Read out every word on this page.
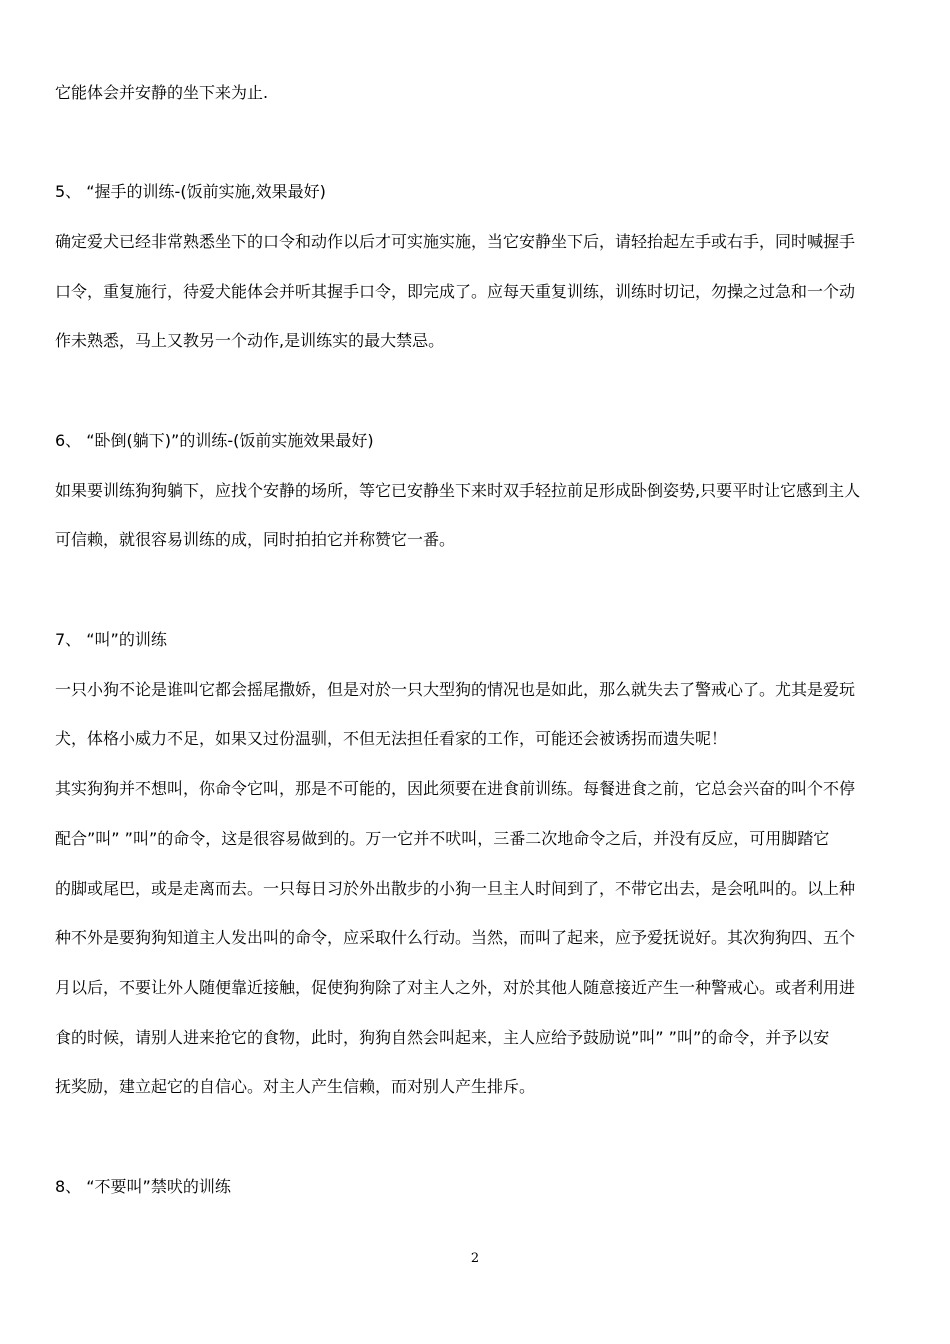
它能体会并安静的坐下来为止.
5、 “握手的训练-(饭前实施,效果最好)
确定爱犬已经非常熟悉坐下的口令和动作以后才可实施实施，当它安静坐下后，请轻抬起左手或右手，同时喊握手
口令，重复施行，待爱犬能体会并听其握手口令，即完成了。应每天重复训练，训练时切记，勿操之过急和一个动
作未熟悉，马上又教另一个动作,是训练实的最大禁忌。
6、 “卧倒(躺下)”的训练-(饭前实施效果最好)
如果要训练狗狗躺下，应找个安静的场所，等它已安静坐下来时双手轻拉前足形成卧倒姿势,只要平时让它感到主人
可信赖，就很容易训练的成，同时拍拍它并称赞它一番。
7、 “叫”的训练
一只小狗不论是谁叫它都会摇尾撒娇，但是对於一只大型狗的情况也是如此，那么就失去了警戒心了。尤其是爱玩
犬，体格小威力不足，如果又过份温驯，不但无法担任看家的工作，可能还会被诱拐而遗失呢！
其实狗狗并不想叫，你命令它叫，那是不可能的，因此须要在进食前训练。每餐进食之前，它总会兴奋的叫个不停
配合”叫” ”叫”的命令，这是很容易做到的。万一它并不吠叫，三番二次地命令之后，并没有反应，可用脚踏它
的脚或尾巴，或是走离而去。一只每日习於外出散步的小狗一旦主人时间到了，不带它出去，是会吼叫的。以上种
种不外是要狗狗知道主人发出叫的命令，应采取什么行动。当然，而叫了起来，应予爱抚说好。其次狗狗四、五个
月以后，不要让外人随便靠近接触，促使狗狗除了对主人之外，对於其他人随意接近产生一种警戒心。或者利用进
食的时候，请别人进来抢它的食物，此时，狗狗自然会叫起来，主人应给予鼓励说”叫” ”叫”的命令，并予以安
抚奖励，建立起它的自信心。对主人产生信赖，而对别人产生排斥。
8、 “不要叫”禁吠的训练
2
